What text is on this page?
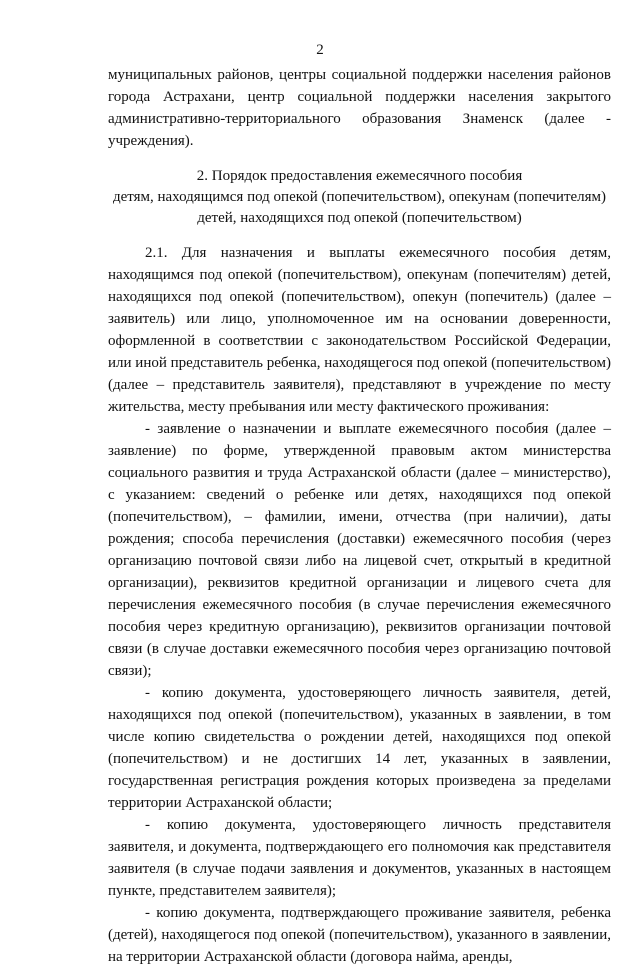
2

муниципальных районов, центры социальной поддержки населения районов города Астрахани, центр социальной поддержки населения закрытого административно-территориального образования Знаменск (далее - учреждения).

2. Порядок предоставления ежемесячного пособия
детям, находящимся под опекой (попечительством), опекунам (попечителям)
детей, находящихся под опекой (попечительством)

2.1. Для назначения и выплаты ежемесячного пособия детям, находящимся под опекой (попечительством), опекунам (попечителям) детей, находящихся под опекой (попечительством), опекун (попечитель) (далее – заявитель) или лицо, уполномоченное им на основании доверенности, оформленной в соответствии с законодательством Российской Федерации, или иной представитель ребенка, находящегося под опекой (попечительством) (далее – представитель заявителя), представляют в учреждение по месту жительства, месту пребывания или месту фактического проживания:

- заявление о назначении и выплате ежемесячного пособия (далее – заявление) по форме, утвержденной правовым актом министерства социального развития и труда Астраханской области (далее – министерство), с указанием: сведений о ребенке или детях, находящихся под опекой (попечительством), – фамилии, имени, отчества (при наличии), даты рождения; способа перечисления (доставки) ежемесячного пособия (через организацию почтовой связи либо на лицевой счет, открытый в кредитной организации), реквизитов кредитной организации и лицевого счета для перечисления ежемесячного пособия (в случае перечисления ежемесячного пособия через кредитную организацию), реквизитов организации почтовой связи (в случае доставки ежемесячного пособия через организацию почтовой связи);

- копию документа, удостоверяющего личность заявителя, детей, находящихся под опекой (попечительством), указанных в заявлении, в том числе копию свидетельства о рождении детей, находящихся под опекой (попечительством) и не достигших 14 лет, указанных в заявлении, государственная регистрация рождения которых произведена за пределами территории Астраханской области;

- копию документа, удостоверяющего личность представителя заявителя, и документа, подтверждающего его полномочия как представителя заявителя (в случае подачи заявления и документов, указанных в настоящем пункте, представителем заявителя);

- копию документа, подтверждающего проживание заявителя, ребенка (детей), находящегося под опекой (попечительством), указанного в заявлении, на территории Астраханской области (договора найма, аренды,
